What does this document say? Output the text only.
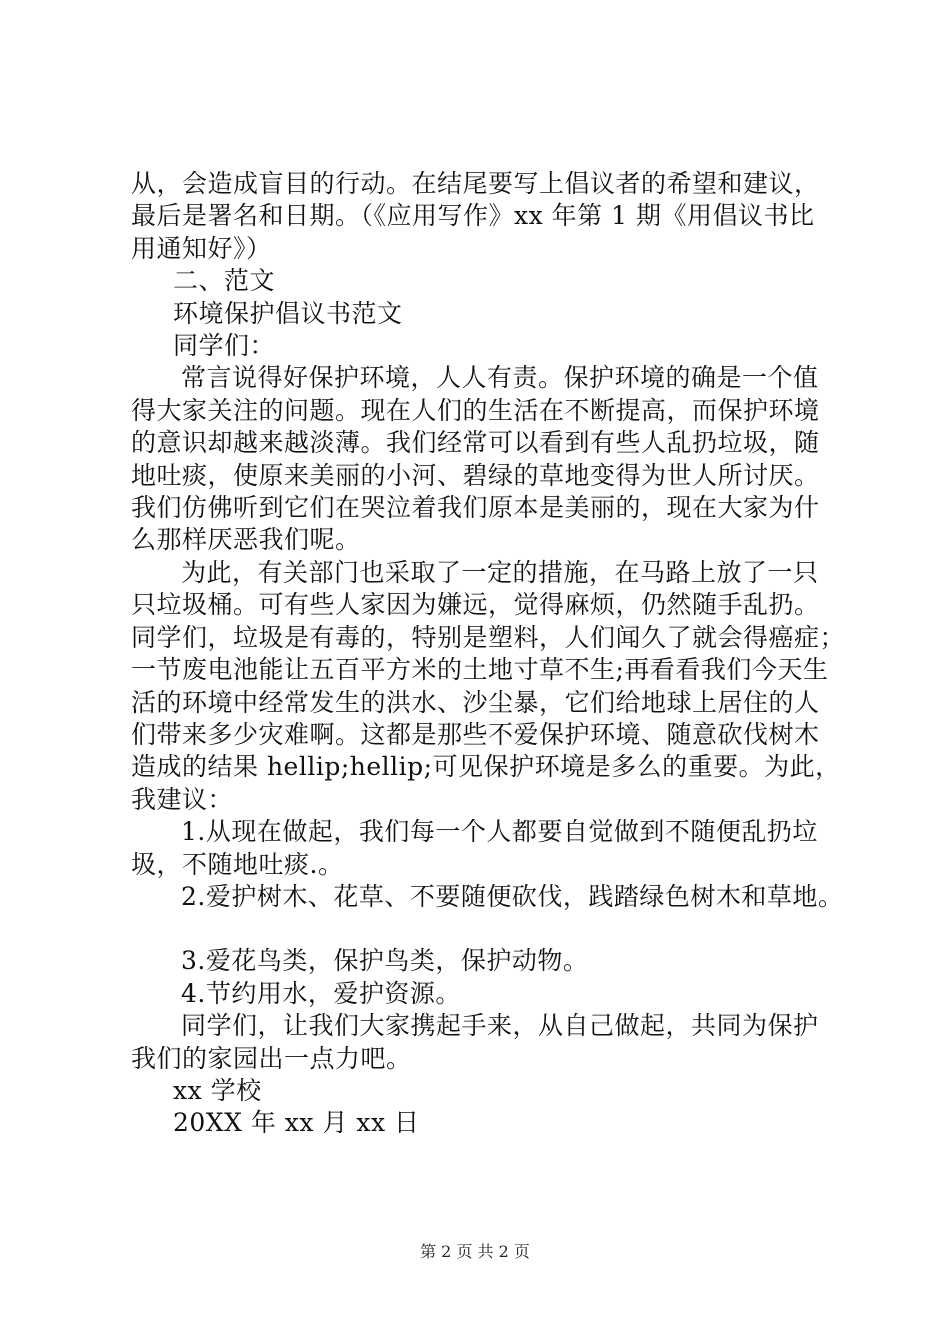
从，会造成盲目的行动。在结尾要写上倡议者的希望和建议，
最后是署名和日期。（《应用写作》xx 年第 1 期《用倡议书比
用通知好》）
二、范文
环境保护倡议书范文
同学们：
常言说得好保护环境，人人有责。保护环境的确是一个值
得大家关注的问题。现在人们的生活在不断提高，而保护环境
的意识却越来越淡薄。我们经常可以看到有些人乱扔垃圾，随
地吐痰，使原来美丽的小河、碧绿的草地变得为世人所讨厌。
我们仿佛听到它们在哭泣着我们原本是美丽的，现在大家为什
么那样厌恶我们呢。
为此，有关部门也采取了一定的措施，在马路上放了一只
只垃圾桶。可有些人家因为嫌远，觉得麻烦，仍然随手乱扔。
同学们，垃圾是有毒的，特别是塑料，人们闻久了就会得癌症；
一节废电池能让五百平方米的土地寸草不生;再看看我们今天生
活的环境中经常发生的洪水、沙尘暴，它们给地球上居住的人
们带来多少灾难啊。这都是那些不爱保护环境、随意砍伐树木
造成的结果 hellip;hellip;可见保护环境是多么的重要。为此，
我建议：
1.从现在做起，我们每一个人都要自觉做到不随便乱扔垃
圾，不随地吐痰.。
2.爱护树木、花草、不要随便砍伐，践踏绿色树木和草地。
3.爱花鸟类，保护鸟类，保护动物。
4.节约用水，爱护资源。
同学们，让我们大家携起手来，从自己做起，共同为保护
我们的家园出一点力吧。
xx 学校
20XX 年 xx 月 xx 日
第 2 页 共 2 页
